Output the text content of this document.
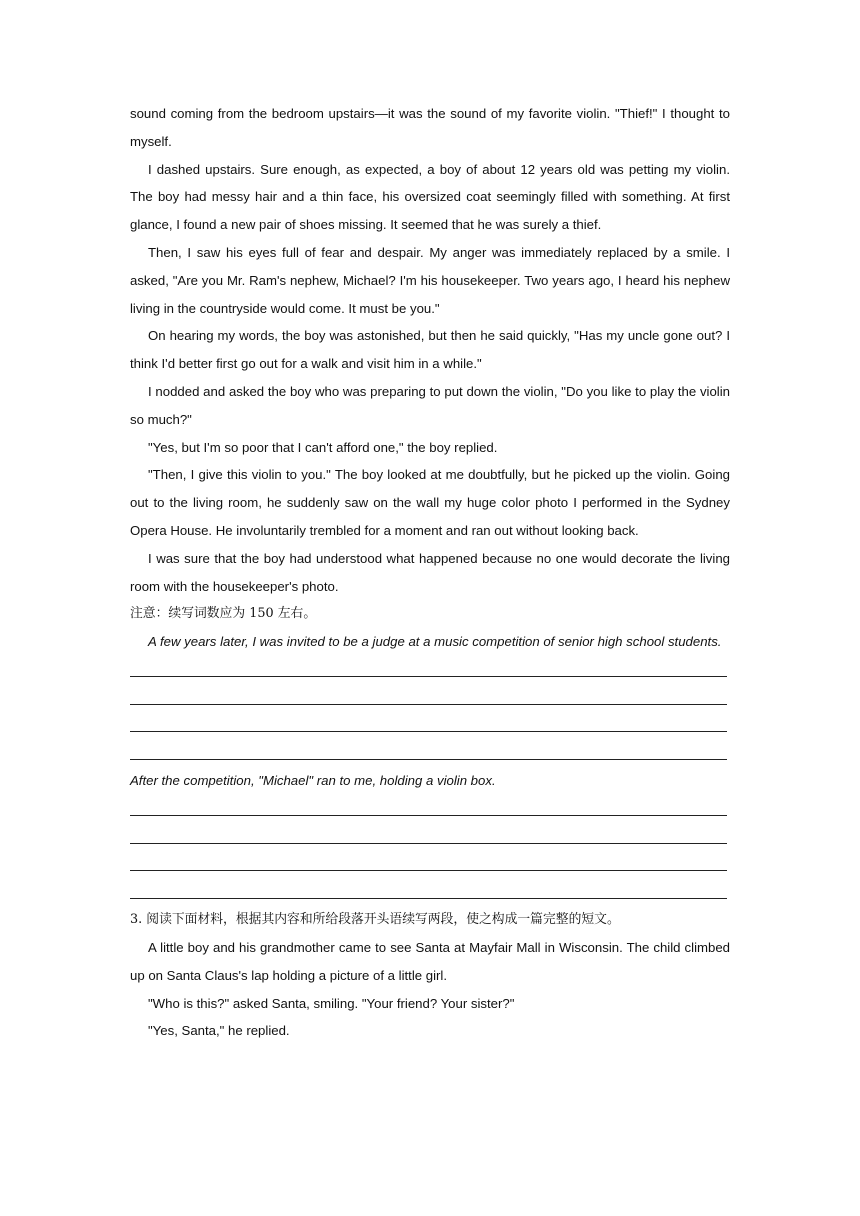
sound coming from the bedroom upstairs—it was the sound of my favorite violin. "Thief!" I thought to myself.

I dashed upstairs. Sure enough, as expected, a boy of about 12 years old was petting my violin. The boy had messy hair and a thin face, his oversized coat seemingly filled with something. At first glance, I found a new pair of shoes missing. It seemed that he was surely a thief.

Then, I saw his eyes full of fear and despair. My anger was immediately replaced by a smile. I asked, "Are you Mr. Ram's nephew, Michael? I'm his housekeeper. Two years ago, I heard his nephew living in the countryside would come. It must be you."

On hearing my words, the boy was astonished, but then he said quickly, "Has my uncle gone out? I think I'd better first go out for a walk and visit him in a while."

I nodded and asked the boy who was preparing to put down the violin, "Do you like to play the violin so much?"

"Yes, but I'm so poor that I can't afford one," the boy replied.

"Then, I give this violin to you." The boy looked at me doubtfully, but he picked up the violin. Going out to the living room, he suddenly saw on the wall my huge color photo I performed in the Sydney Opera House. He involuntarily trembled for a moment and ran out without looking back.

I was sure that the boy had understood what happened because no one would decorate the living room with the housekeeper's photo.

注意：续写词数应为 150 左右。

A few years later, I was invited to be a judge at a music competition of senior high school students.

After the competition, "Michael" ran to me, holding a violin box.

3. 阅读下面材料，根据其内容和所给段落开头语续写两段，使之构成一篇完整的短文。

A little boy and his grandmother came to see Santa at Mayfair Mall in Wisconsin. The child climbed up on Santa Claus's lap holding a picture of a little girl.

"Who is this?" asked Santa, smiling. "Your friend? Your sister?"

"Yes, Santa," he replied.
